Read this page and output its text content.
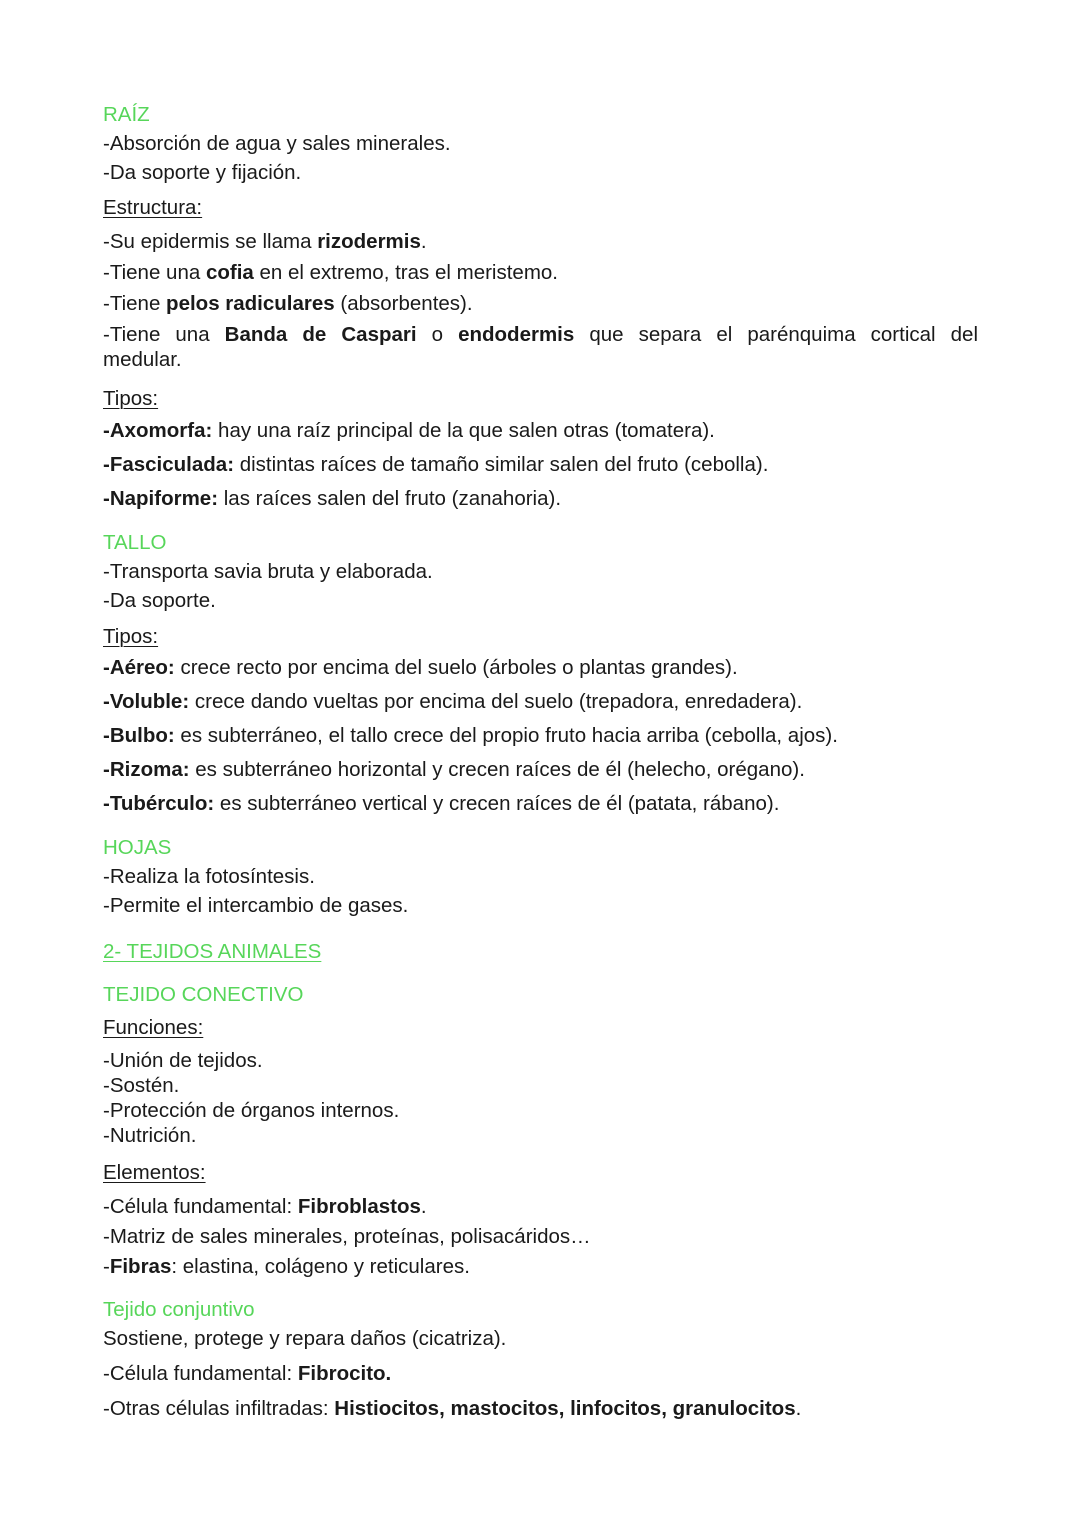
RAÍZ
-Absorción de agua y sales minerales.
-Da soporte y fijación.
Estructura:
-Su epidermis se llama rizodermis.
-Tiene una cofia en el extremo, tras el meristemo.
-Tiene pelos radiculares (absorbentes).
-Tiene una Banda de Caspari o endodermis que separa el parénquima cortical del
medular.
Tipos:
-Axomorfa: hay una raíz principal de la que salen otras (tomatera).
-Fasciculada: distintas raíces de tamaño similar salen del fruto (cebolla).
-Napiforme: las raíces salen del fruto (zanahoria).
TALLO
-Transporta savia bruta y elaborada.
-Da soporte.
Tipos:
-Aéreo: crece recto por encima del suelo (árboles o plantas grandes).
-Voluble: crece dando vueltas por encima del suelo (trepadora, enredadera).
-Bulbo: es subterráneo, el tallo crece del propio fruto hacia arriba (cebolla, ajos).
-Rizoma: es subterráneo horizontal y crecen raíces de él (helecho, orégano).
-Tubérculo: es subterráneo vertical y crecen raíces de él (patata, rábano).
HOJAS
-Realiza la fotosíntesis.
-Permite el intercambio de gases.
2- TEJIDOS ANIMALES
TEJIDO CONECTIVO
Funciones:
-Unión de tejidos.
-Sostén.
-Protección de órganos internos.
-Nutrición.
Elementos:
-Célula fundamental: Fibroblastos.
-Matriz de sales minerales, proteínas, polisacáridos…
-Fibras: elastina, colágeno y reticulares.
Tejido conjuntivo
Sostiene, protege y repara daños (cicatriza).
-Célula fundamental: Fibrocito.
-Otras células infiltradas: Histiocitos, mastocitos, linfocitos, granulocitos.
